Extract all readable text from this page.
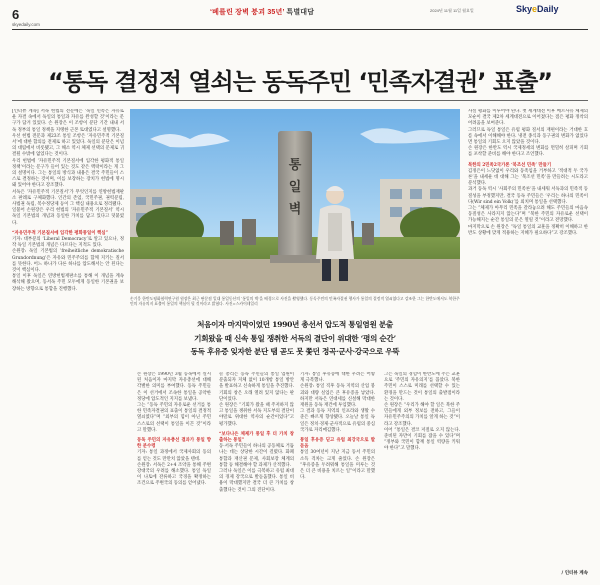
6
skyedaily.com
‘베를린 장벽 붕괴 35년’ 특별대담	2024년 11월 11일 월요일	SkyeDaily
“통독 결정적 열쇠는 동독주민 ‘민족자결권’ 표출”

[인터뷰 계속] 서독 헌법의 전문에는 ‘독일 민족은 자유로운 자결 속에서 독일의 통일과 자유를 완성할 것’이라는 문구가 담겨 있었다. 손 원장은 이 조항이 분단 기간 내내 서독 정부의 통일 정책을 지탱한 근본 토대였다고 설명했다.

우선 헌법 전문과 제23조 통일 조항은 ‘자유민주적 기본질서’에 대한 합의를 전제로 하고 있었다. 독일의 분단은 이념의 대립에서 비롯됐고, 그 해소 역시 체제 선택의 문제로 귀결될 수밖에 없었다는 것이다.

우리 헌법에 ‘자유민주적 기본질서에 입각한 평화적 통일 정책’이라는 문구가 들어 있는 것도 같은 맥락이라는 게 그의 설명이다. 그는 통일의 방식과 내용은 결국 주민들이 스스로 결정하는 것이며, 이를 보장하는 장치가 헌법에 명시돼 있어야 한다고 강조했다.

서독은 ‘자유민주적 기본질서’가 무엇인지를 연방헌법재판소 판례로 구체화했다. 인간의 존엄, 국민주권, 권력분립, 사법권 독립, 복수정당제 등이 그 핵심 내용으로 정리됐다.

일불어 손원장은 우리 헌법의 ‘자유민주적 기본질서’ 역시 독일 기본법의 개념과 동일한 가치를 담고 있다고 덧붙였다.

“자유민주적 기본질서에 입각한 평화통일이 핵심”

기자: 대부분의 ‘Liberal Democracy’로 알고 있으나, 정작 독일 기본법의 개념은 다르다는 지적도 있다.

손원장: 독일 기본법의 ‘freiheitliche demokratische Grundordnung’은 자유와 민주주의를 함께 지키는 질서를 뜻한다. 어느 하나가 다른 하나를 압도해서는 안 된다는 것이 핵심이다.

통일 이후 독일은 연방헌법재판소를 통해 이 개념을 계속 해석해 왔으며, 동서독 주민 모두에게 동일한 기본권을 보장하는 방향으로 통합을 진행했다.

통
일
벽
손기웅 한반도평화협력연구원 원장은 최근 판문점 일대 통일동산의 ‘통일의 벽’을 배경으로 사진을 촬영했다. 동독주민의 민족자결권 행사가 통일의 결정적 열쇠였다고 강조한 그는 한반도에서도 북한주민의 자유의지 표출이 통일의 핵심이 될 것이라고 밝혔다. 사진=스카이데일리
처음이자 마지막이었던 1990년 총선서 압도적 통일염원 분출
기회왔을 때 신속 통일 쟁취한 서독의 결단이 위대한 ‘평의 순간’
동독 후유증 잊자한 분단 탬 곧도 못 쫓던 정곡·군사·강국으로 우뚝

손 원장은 1990년 3월 동독에서 실시된 처음이자 마지막 자유총선에 대해 각별한 의미를 부여했다. 동독 주민들은 이 선거에서 조속한 통일을 공약한 정당에 압도적인 지지를 보냈다.

그는 “동독 주민의 자유로운 선거를 통한 민족자결권의 표출이 통일의 결정적 열쇠였다”며 “외부의 힘이 아닌 주민 스스로의 선택이 통일을 이끈 것”이라고 말했다.

동독 주민의 자유총선 결과가 통일 향한 분수령

기자: 통일 과정에서 국제사회의 동의를 얻는 것도 만만치 않았을 텐데.

손원장: 서독은 2+4 조약을 통해 주변 강대국의 우려를 해소했다. 통일 독일이 나토에 잔류하고 국경을 확정하는 조건으로 주변국의 동의를 얻어냈다.

콜 총리는 동독 주민들의 통일 염원이 분출되자 지체 없이 10개항 통일 방안을 발표하고 신속하게 통일을 추진했다. 기회의 창은 오래 열려 있지 않다는 판단이었다.

손 원장은 “기회가 왔을 때 주저하지 않고 통일을 쟁취한 서독 지도부의 결단이야말로 위대한 역사의 순간이었다”고 평가했다.

“보다나은 체제가 통일 후 더 가치 창출하는 통일”

동·서독 주민들이 하나의 공동체로 거듭나는 데는 상당한 시간이 걸렸다. 화폐 통합과 재산권 문제, 사회보장 체계의 통합 등 해결해야 할 과제가 산적했다.

그러나 독일은 이를 극복하고 유럽 최대의 경제 강국으로 발돋움했다. 통일 비용이 막대했지만 결국 더 큰 가치를 창출했다는 것이 그의 진단이다.

기자: 통일 후유증에 대한 우려는 어떻게 극복했나.

손원장: 통일 직후 동독 지역의 산업 붕괴와 대량 실업은 큰 후유증을 낳았다. 하지만 서독은 연대세를 신설해 막대한 재원을 동독 재건에 투입했다.

그 결과 동독 지역의 인프라와 생활 수준은 빠르게 향상됐다. 오늘날 통일 독일은 정치·경제·군사적으로 유럽의 중심 국가로 자리매김했다.

통일 후유증 딛고 유럽 최강국으로 발돋움

통일 30여년이 지난 지금 동서 주민의 소득 격차는 크게 줄었다. 손 원장은 “후유증을 두려워해 통일을 미루는 것은 더 큰 비용을 치르는 일”이라고 말했다.

그는 독일의 경험이 한반도에 주는 교훈으로 ‘주민의 자유의지’를 꼽았다. 북한 주민이 스스로 미래를 선택할 수 있는 환경을 만드는 것이 통일의 출발점이라는 것이다.

손 원장은 “우리가 해야 할 일은 북한 주민들에게 외부 정보를 전하고, 그들이 자유민주주의의 가치를 알게 하는 것”이라고 강조했다.

이어 “통일은 결코 저절로 오지 않는다. 준비된 자만이 기회를 잡을 수 있다”며 “정부와 국민이 함께 통일 역량을 키워야 한다”고 말했다.

사실 평화를 이루어야 된다. 첫 세계대전 이후 베르사유 체제의 모순이 결국 제2차 세계대전으로 이어졌다는 점은 평화 정착의 어려움을 보여준다.

그러므로 독일 통일은 유럽 평화 질서의 재편이라는 거대한 흐름 속에서 이해해야 한다. 냉전 종식과 동구권의 변화가 없었다면 통일의 기회도 오지 않았을 것이다.

손 원장은 한반도 역시 국제정세의 변화를 면밀히 살피며 기회를 포착할 준비를 해야 한다고 조언했다.

북한의 2민족2국가론 ‘북조선 민족’ 만들기

김정은이 느닷없이 우리와 동족임을 거부하고 ‘적대적 두 국가론’을 내세운 데 대해 그는 ‘북조선 민족’을 만들려는 시도라고 분석했다.

과거 동독 역시 ‘사회주의 민족론’을 내세워 서독과의 민족적 동질성을 부정했지만, 결국 동독 주민들은 ‘우리는 하나의 민족이다(Wir sind ein Volk)’를 외치며 통일을 선택했다.

그는 “체제가 아무리 민족을 갈라놓으려 해도 주민들의 마음속 동질성은 사라지지 않는다”며 “북한 주민의 자유로운 선택이 가능해지는 순간 통일의 문은 열릴 것”이라고 전망했다.

마지막으로 손 원장은 “독일 통일의 교훈을 정확히 이해하고 한반도 상황에 맞게 적용하는 지혜가 필요하다”고 강조했다.

/ 인터뷰 계속
